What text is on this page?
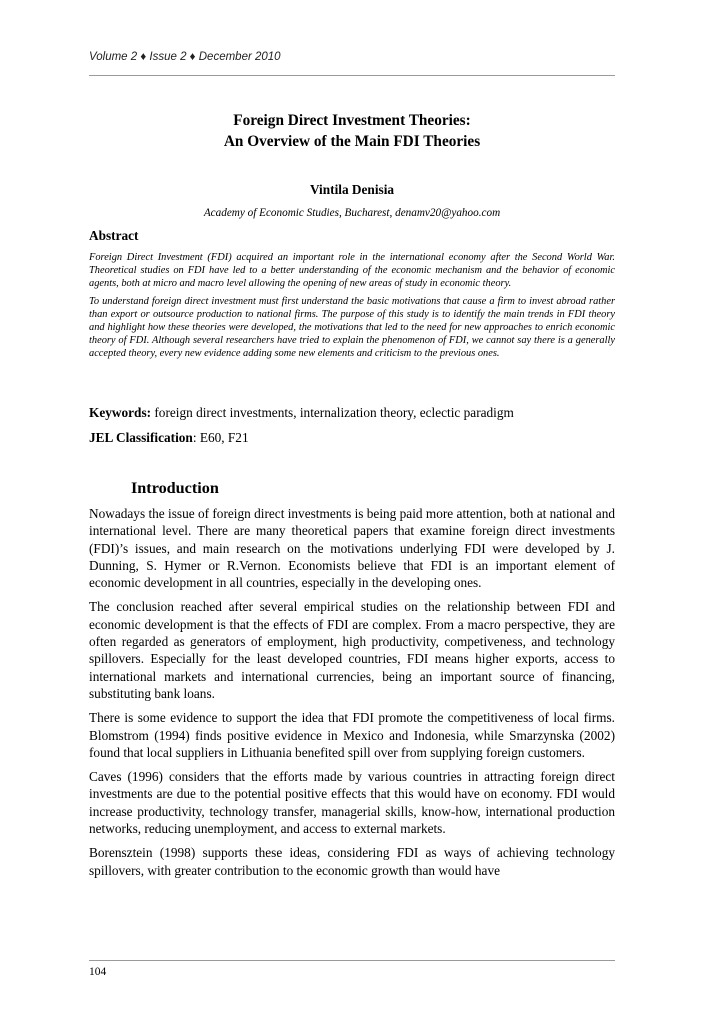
Volume 2 ♦ Issue 2 ♦ December 2010
Foreign Direct Investment Theories:
An Overview of the Main FDI Theories
Vintila Denisia
Academy of Economic Studies, Bucharest, denamv20@yahoo.com
Abstract

Foreign Direct Investment (FDI) acquired an important role in the international economy after the Second World War. Theoretical studies on FDI have led to a better understanding of the economic mechanism and the behavior of economic agents, both at micro and macro level allowing the opening of new areas of study in economic theory.

To understand foreign direct investment must first understand the basic motivations that cause a firm to invest abroad rather than export or outsource production to national firms. The purpose of this study is to identify the main trends in FDI theory and highlight how these theories were developed, the motivations that led to the need for new approaches to enrich economic theory of FDI. Although several researchers have tried to explain the phenomenon of FDI, we cannot say there is a generally accepted theory, every new evidence adding some new elements and criticism to the previous ones.

Keywords: foreign direct investments, internalization theory, eclectic paradigm
JEL Classification: E60, F21
Introduction

Nowadays the issue of foreign direct investments is being paid more attention, both at national and international level. There are many theoretical papers that examine foreign direct investments (FDI)’s issues, and main research on the motivations underlying FDI were developed by J. Dunning, S. Hymer or R.Vernon. Economists believe that FDI is an important element of economic development in all countries, especially in the developing ones.

The conclusion reached after several empirical studies on the relationship between FDI and economic development is that the effects of FDI are complex. From a macro perspective, they are often regarded as generators of employment, high productivity, competiveness, and technology spillovers. Especially for the least developed countries, FDI means higher exports, access to international markets and international currencies, being an important source of financing, substituting bank loans.

There is some evidence to support the idea that FDI promote the competitiveness of local firms. Blomstrom (1994) finds positive evidence in Mexico and Indonesia, while Smarzynska (2002) found that local suppliers in Lithuania benefited spill over from supplying foreign customers.

Caves (1996) considers that the efforts made by various countries in attracting foreign direct investments are due to the potential positive effects that this would have on economy. FDI would increase productivity, technology transfer, managerial skills, know-how, international production networks, reducing unemployment, and access to external markets.

Borensztein (1998) supports these ideas, considering FDI as ways of achieving technology spillovers, with greater contribution to the economic growth than would have

104
